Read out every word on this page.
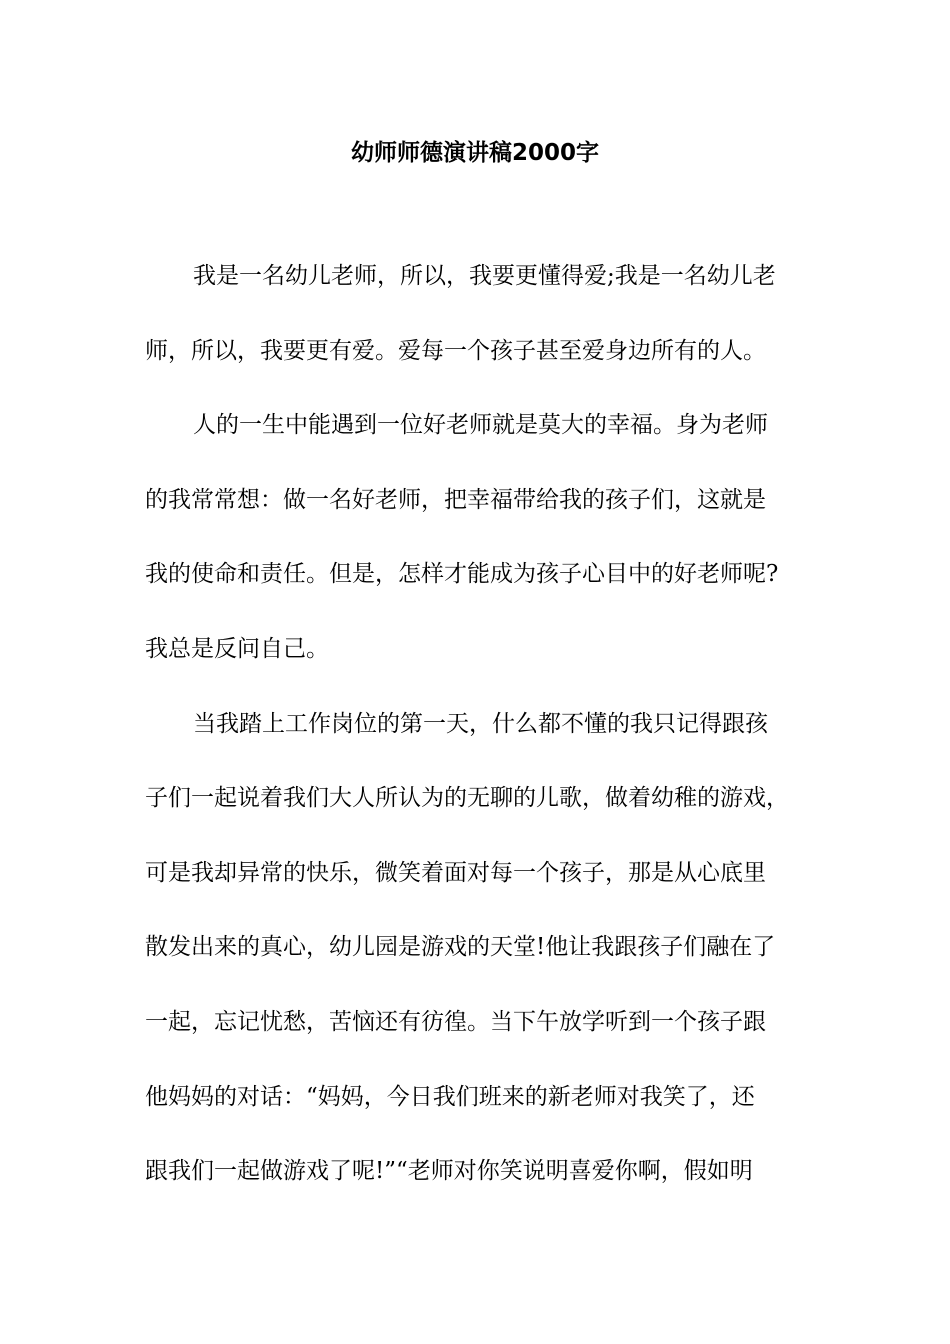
幼师师德演讲稿2000字

我是一名幼儿老师，所以，我要更懂得爱;我是一名幼儿老

师，所以，我要更有爱。爱每一个孩子甚至爱身边所有的人。

人的一生中能遇到一位好老师就是莫大的幸福。身为老师

的我常常想：做一名好老师，把幸福带给我的孩子们，这就是

我的使命和责任。但是，怎样才能成为孩子心目中的好老师呢?

我总是反问自己。

当我踏上工作岗位的第一天，什么都不懂的我只记得跟孩

子们一起说着我们大人所认为的无聊的儿歌，做着幼稚的游戏，

可是我却异常的快乐，微笑着面对每一个孩子，那是从心底里

散发出来的真心，幼儿园是游戏的天堂!他让我跟孩子们融在了

一起，忘记忧愁，苦恼还有彷徨。当下午放学听到一个孩子跟

他妈妈的对话：“妈妈，今日我们班来的新老师对我笑了，还

跟我们一起做游戏了呢!”“老师对你笑说明喜爱你啊，假如明
